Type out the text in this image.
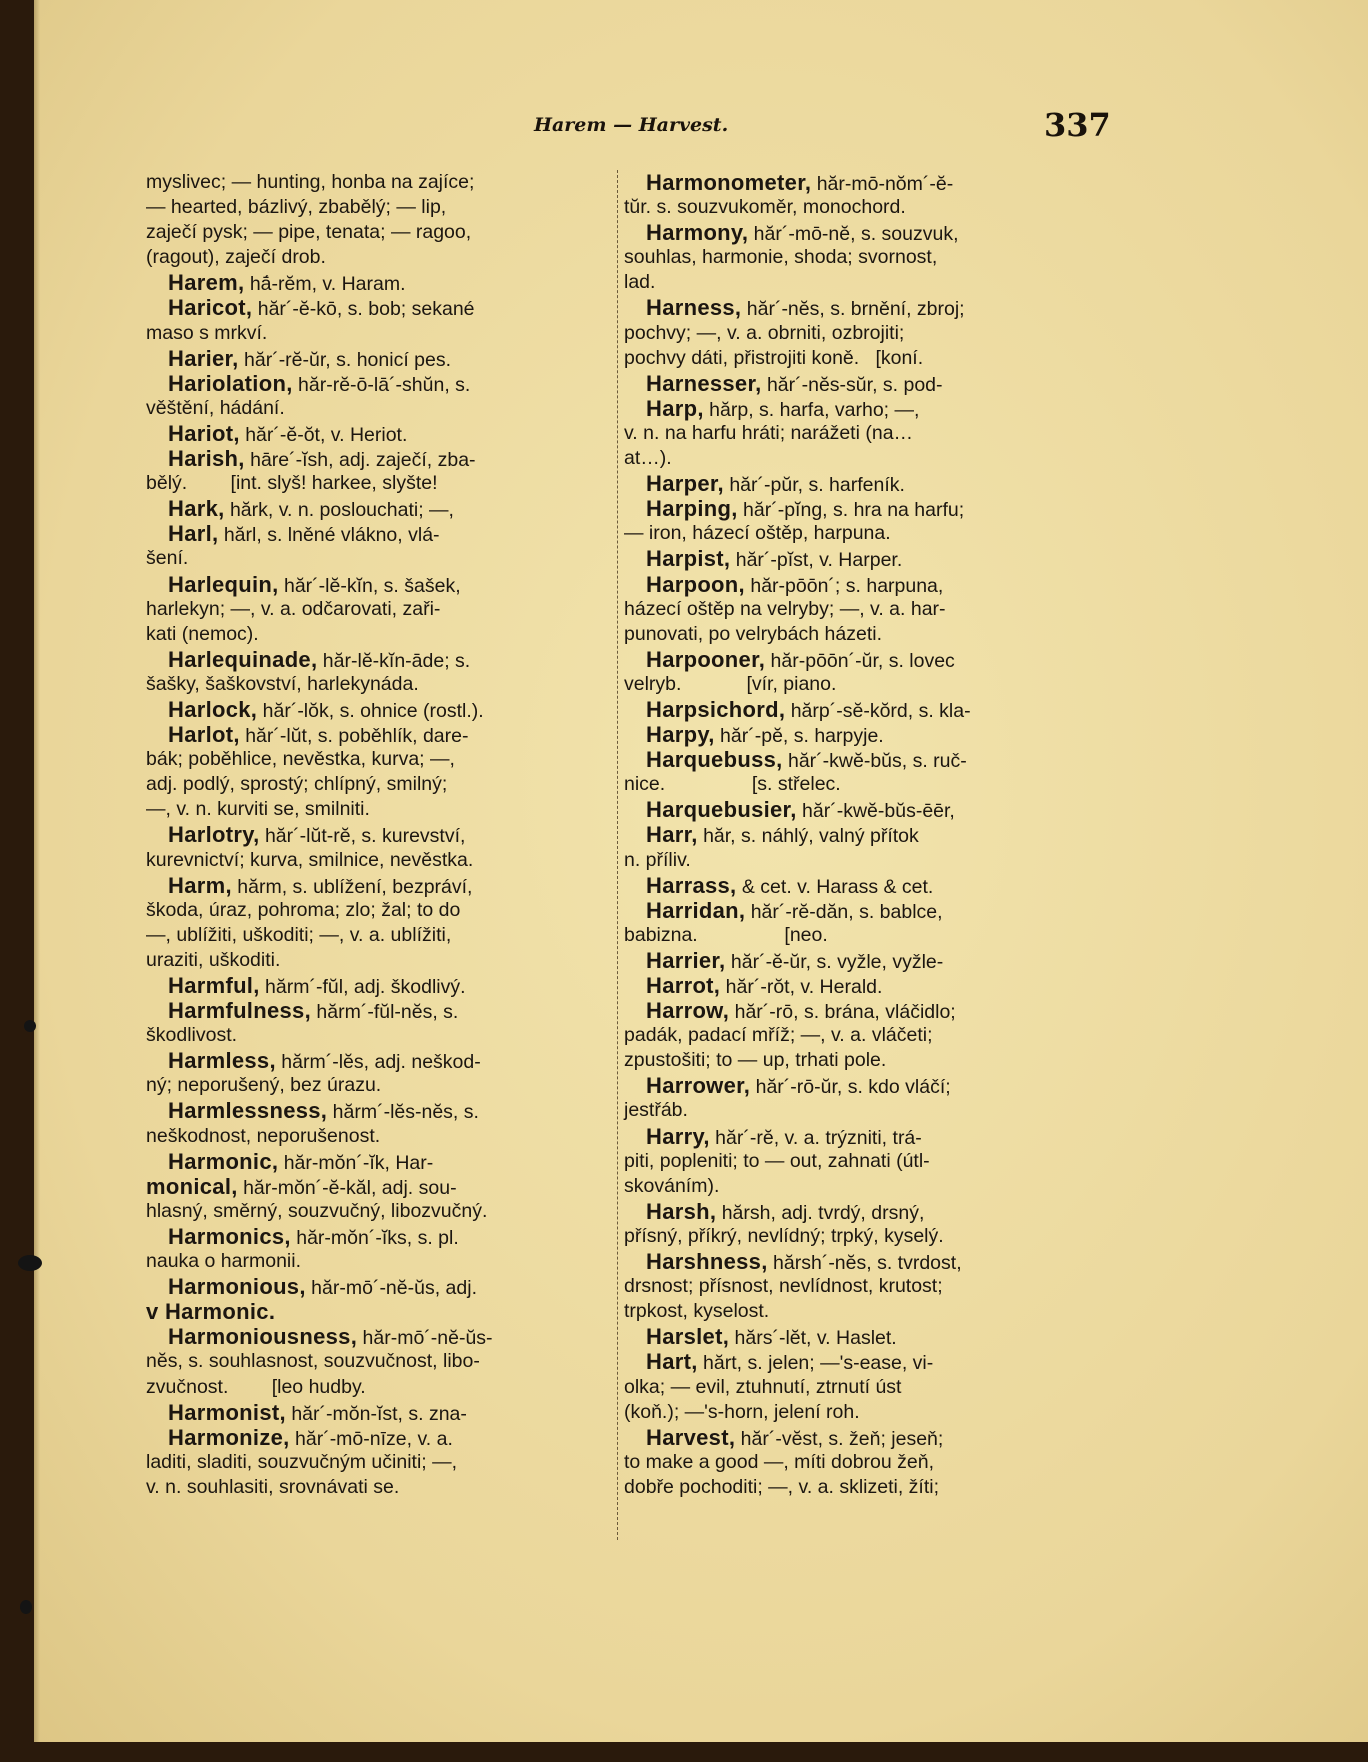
Harem — Harvest.	337
myslivec; — hunting, honba na zajíce;
— hearted, bázlivý, zbabělý; — lip,
zaječí pysk; — pipe, tenata; — ragoo,
(ragout), zaječí drob.
Harem, hā́-rĕm, v. Haram.
Haricot, hăr´-ĕ-kō, s. bob; sekané
maso s mrkví.
Harier, hăr´-rĕ-ŭr, s. honicí pes.
Hariolation, hăr-rĕ-ō-lā´-shŭn, s.
věštění, hádání.
Hariot, hăr´-ĕ-ŏt, v. Heriot.
Harish, hāre´-ĭsh, adj. zaječí, zba-
bělý.        [int. slyš! harkee, slyšte!
Hark, hărk, v. n. poslouchati; —,
Harl, hărl, s. lněné vlákno, vlá-
šení.
Harlequin, hăr´-lĕ-kĭn, s. šašek,
harlekyn; —, v. a. odčarovati, zaři-
kati (nemoc).
Harlequinade, hăr-lĕ-kĭn-āde; s.
šašky, šaškovství, harlekynáda.
Harlock, hăr´-lŏk, s. ohnice (rostl.).
Harlot, hăr´-lŭt, s. poběhlík, dare-
bák; poběhlice, nevěstka, kurva; —,
adj. podlý, sprostý; chlípný, smilný;
—, v. n. kurviti se, smilniti.
Harlotry, hăr´-lŭt-rĕ, s. kurevství,
kurevnictví; kurva, smilnice, nevěstka.
Harm, hărm, s. ublížení, bezpráví,
škoda, úraz, pohroma; zlo; žal; to do
—, ublížiti, uškoditi; —, v. a. ublížiti,
uraziti, uškoditi.
Harmful, hărm´-fŭl, adj. škodlivý.
Harmfulness, hărm´-fŭl-nĕs, s.
škodlivost.
Harmless, hărm´-lĕs, adj. neškod-
ný; neporušený, bez úrazu.
Harmlessness, hărm´-lĕs-nĕs, s.
neškodnost, neporušenost.
Harmonic, hăr-mŏn´-ĭk, Har-
monical, hăr-mŏn´-ĕ-kăl, adj. sou-
hlasný, směrný, souzvučný, libozvučný.
Harmonics, hăr-mŏn´-ĭks, s. pl.
nauka o harmonii.
Harmonious, hăr-mō´-nĕ-ŭs, adj.
v Harmonic.
Harmoniousness, hăr-mō´-nĕ-ŭs-
nĕs, s. souhlasnost, souzvučnost, libo-
zvučnost.        [leo hudby.
Harmonist, hăr´-mŏn-ĭst, s. zna-
Harmonize, hăr´-mō-nīze, v. a.
laditi, sladiti, souzvučným učiniti; —,
v. n. souhlasiti, srovnávati se.
Harmonometer, hăr-mō-nŏm´-ĕ-
tŭr. s. souzvukoměr, monochord.
Harmony, hăr´-mō-nĕ, s. souzvuk,
souhlas, harmonie, shoda; svornost,
lad.
Harness, hăr´-nĕs, s. brnění, zbroj;
pochvy; —, v. a. obrniti, ozbrojiti;
pochvy dáti, přistrojiti koně.   [koní.
Harnesser, hăr´-nĕs-sŭr, s. pod-
Harp, hărp, s. harfa, varho; —,
v. n. na harfu hráti; narážeti (na…
at…).
Harper, hăr´-pŭr, s. harfeník.
Harping, hăr´-pĭng, s. hra na harfu;
— iron, házecí oštěp, harpuna.
Harpist, hăr´-pĭst, v. Harper.
Harpoon, hăr-pōōn´; s. harpuna,
házecí oštěp na velryby; —, v. a. har-
punovati, po velrybách házeti.
Harpooner, hăr-pōōn´-ŭr, s. lovec
velryb.            [vír, piano.
Harpsichord, hărp´-sĕ-kŏrd, s. kla-
Harpy, hăr´-pĕ, s. harpyje.
Harquebuss, hăr´-kwĕ-bŭs, s. ruč-
nice.                [s. střelec.
Harquebusier, hăr´-kwĕ-bŭs-ēēr,
Harr, hăr, s. náhlý, valný přítok
n. příliv.
Harrass, & cet. v. Harass & cet.
Harridan, hăr´-rĕ-dăn, s. bablce,
babizna.                [neo.
Harrier, hăr´-ĕ-ŭr, s. vyžle, vyžle-
Harrot, hăr´-rŏt, v. Herald.
Harrow, hăr´-rō, s. brána, vláčidlo;
padák, padací mříž; —, v. a. vláčeti;
zpustošiti; to — up, trhati pole.
Harrower, hăr´-rō-ŭr, s. kdo vláčí;
jestřáb.
Harry, hăr´-rĕ, v. a. trýzniti, trá-
piti, popleniti; to — out, zahnati (útl-
skováním).
Harsh, hărsh, adj. tvrdý, drsný,
přísný, příkrý, nevlídný; trpký, kyselý.
Harshness, hărsh´-nĕs, s. tvrdost,
drsnost; přísnost, nevlídnost, krutost;
trpkost, kyselost.
Harslet, hărs´-lĕt, v. Haslet.
Hart, hărt, s. jelen; —'s-ease, vi-
olka; — evil, ztuhnutí, ztrnutí úst
(koň.); —'s-horn, jelení roh.
Harvest, hăr´-vĕst, s. žeň; jeseň;
to make a good —, míti dobrou žeň,
dobře pochoditi; —, v. a. sklizeti, žíti;
